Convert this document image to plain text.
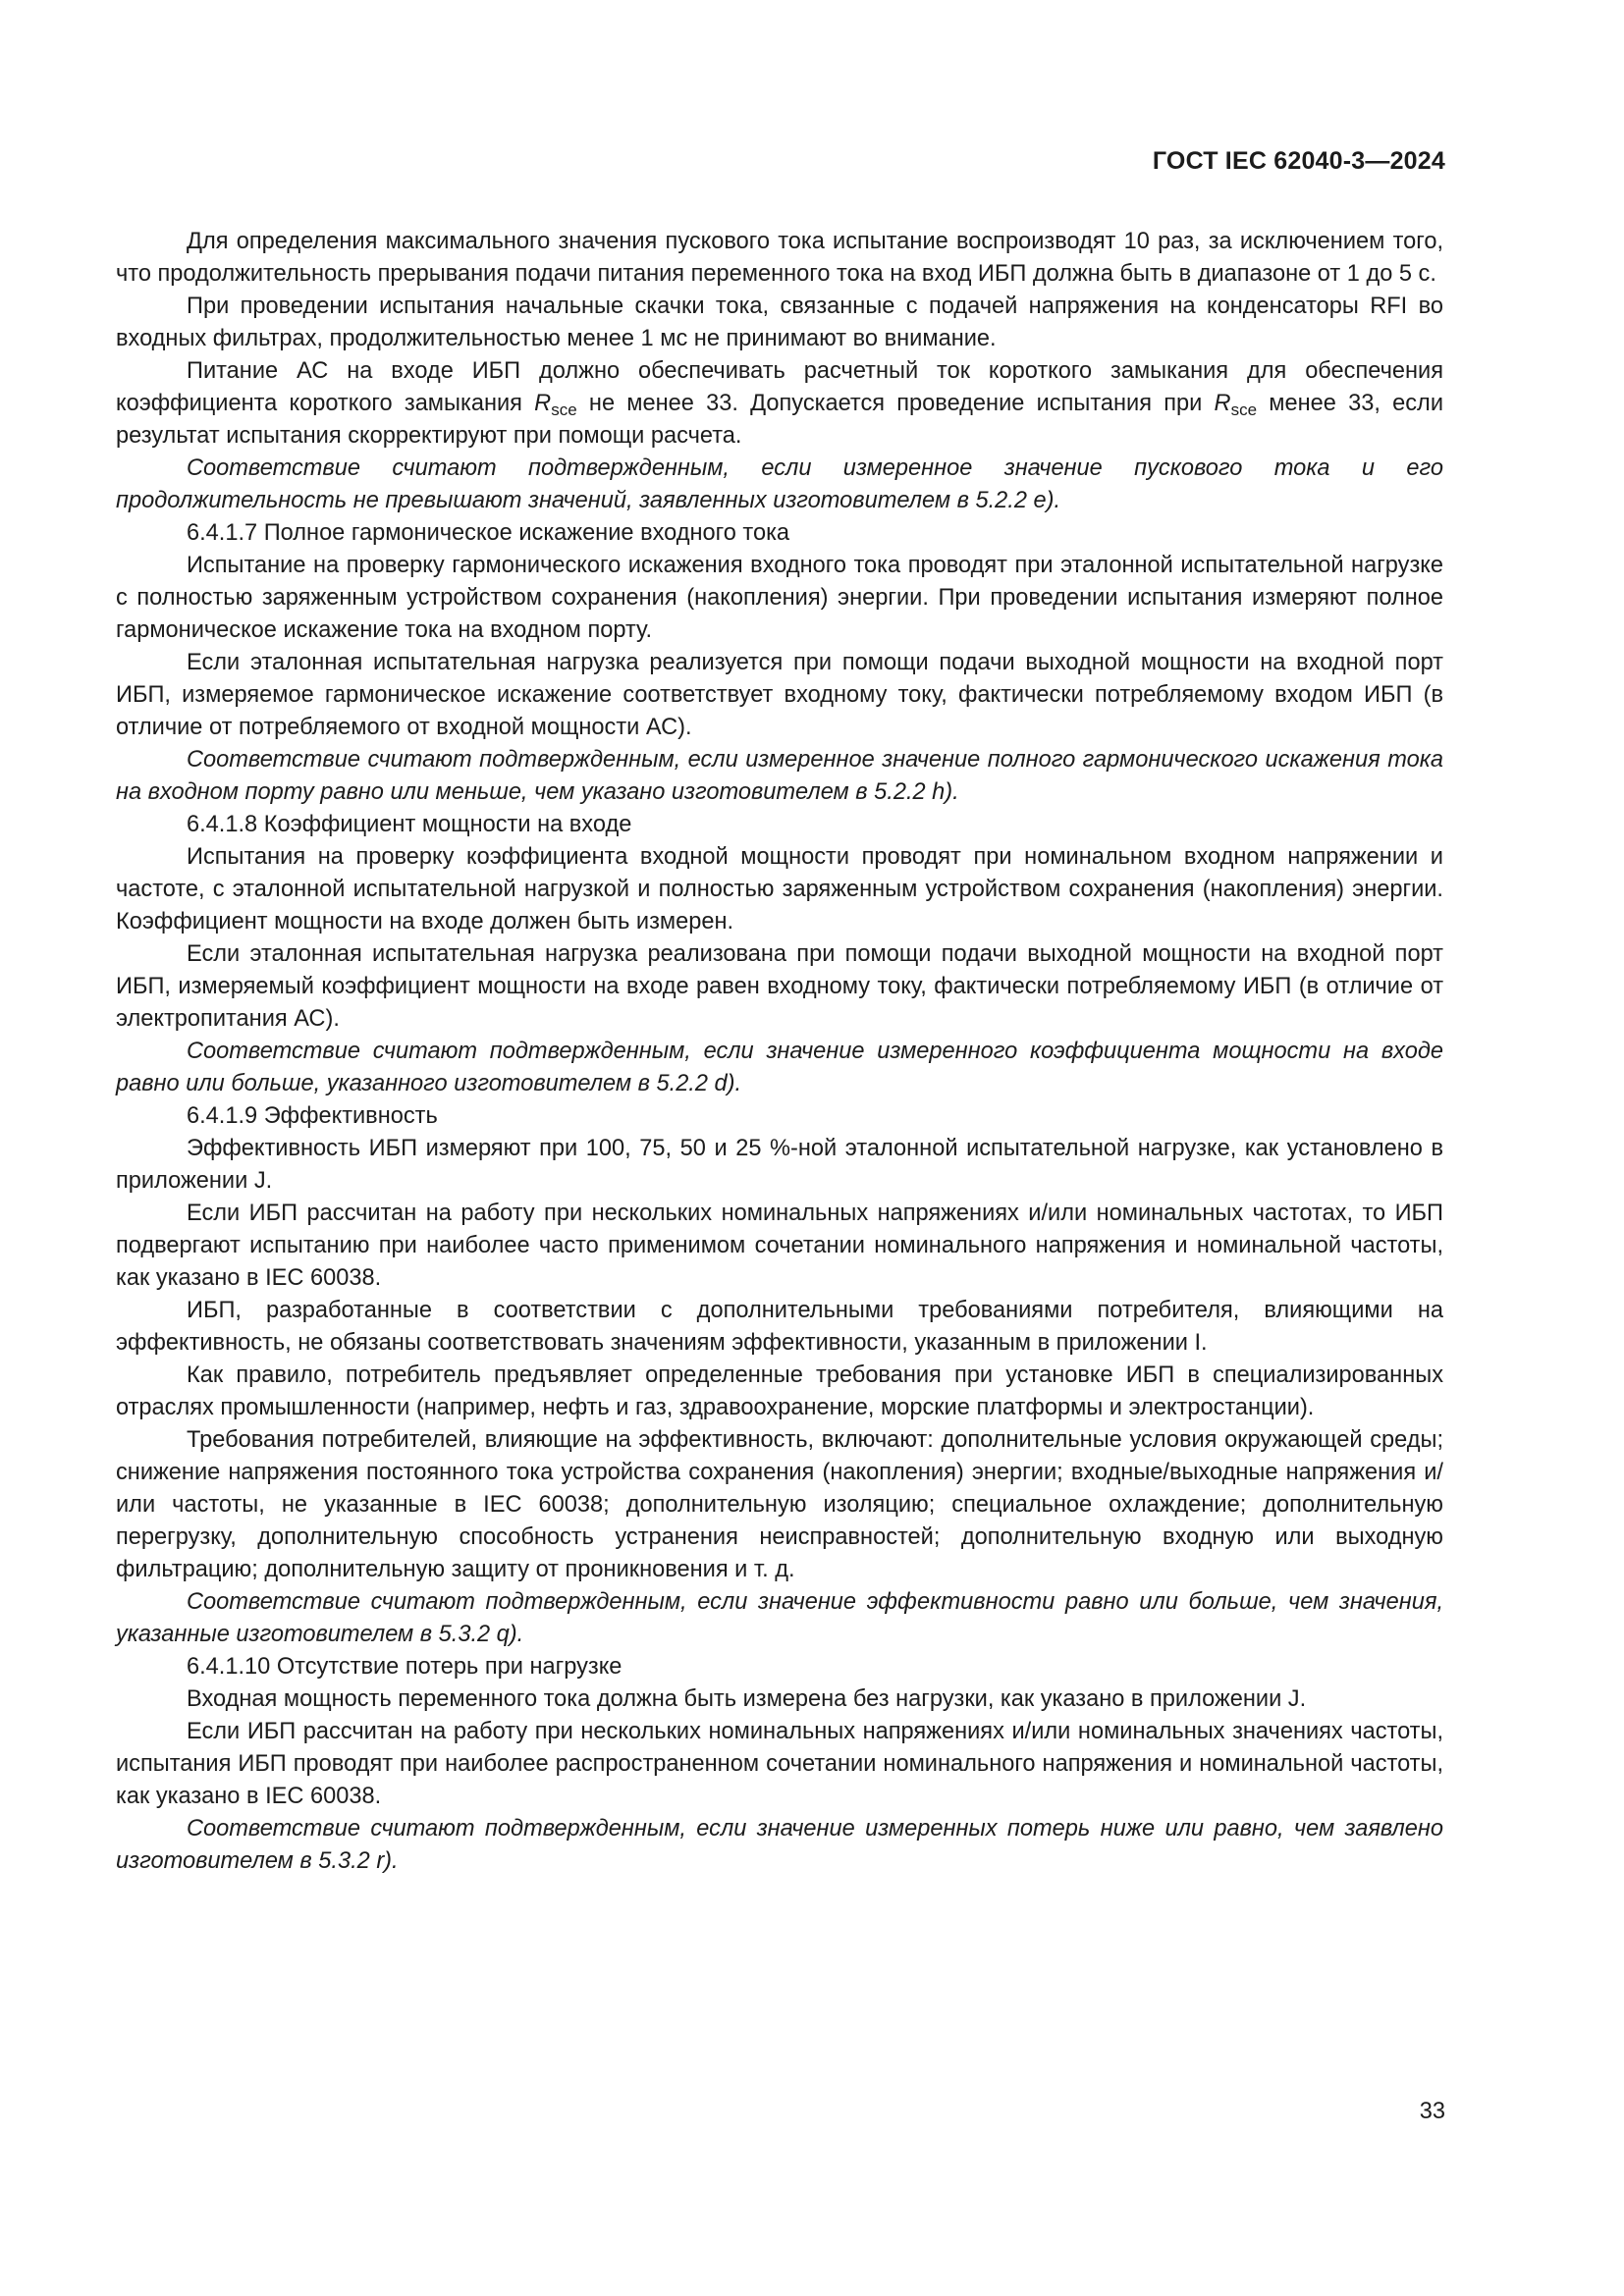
ГОСТ IEC 62040-3—2024

Для определения максимального значения пускового тока испытание воспроизводят 10 раз, за исключением того, что продолжительность прерывания подачи питания переменного тока на вход ИБП должна быть в диапазоне от 1 до 5 с.

При проведении испытания начальные скачки тока, связанные с подачей напряжения на конденсаторы RFI во входных фильтрах, продолжительностью менее 1 мс не принимают во внимание.

Питание АС на входе ИБП должно обеспечивать расчетный ток короткого замыкания для обеспечения коэффициента короткого замыкания $R_{sce}$ не менее 33. Допускается проведение испытания при $R_{sce}$ менее 33, если результат испытания скорректируют при помощи расчета.

Соответствие считают подтвержденным, если измеренное значение пускового тока и его продолжительность не превышают значений, заявленных изготовителем в 5.2.2 е).

6.4.1.7 Полное гармоническое искажение входного тока

Испытание на проверку гармонического искажения входного тока проводят при эталонной испытательной нагрузке с полностью заряженным устройством сохранения (накопления) энергии. При проведении испытания измеряют полное гармоническое искажение тока на входном порту.

Если эталонная испытательная нагрузка реализуется при помощи подачи выходной мощности на входной порт ИБП, измеряемое гармоническое искажение соответствует входному току, фактически потребляемому входом ИБП (в отличие от потребляемого от входной мощности АС).

Соответствие считают подтвержденным, если измеренное значение полного гармонического искажения тока на входном порту равно или меньше, чем указано изготовителем в 5.2.2 h).

6.4.1.8 Коэффициент мощности на входе

Испытания на проверку коэффициента входной мощности проводят при номинальном входном напряжении и частоте, с эталонной испытательной нагрузкой и полностью заряженным устройством сохранения (накопления) энергии. Коэффициент мощности на входе должен быть измерен.

Если эталонная испытательная нагрузка реализована при помощи подачи выходной мощности на входной порт ИБП, измеряемый коэффициент мощности на входе равен входному току, фактически потребляемому ИБП (в отличие от электропитания АС).

Соответствие считают подтвержденным, если значение измеренного коэффициента мощности на входе равно или больше, указанного изготовителем в 5.2.2 d).

6.4.1.9 Эффективность

Эффективность ИБП измеряют при 100, 75, 50 и 25 %-ной эталонной испытательной нагрузке, как установлено в приложении J.

Если ИБП рассчитан на работу при нескольких номинальных напряжениях и/или номинальных частотах, то ИБП подвергают испытанию при наиболее часто применимом сочетании номинального напряжения и номинальной частоты, как указано в IEC 60038.

ИБП, разработанные в соответствии с дополнительными требованиями потребителя, влияющими на эффективность, не обязаны соответствовать значениям эффективности, указанным в приложении I.

Как правило, потребитель предъявляет определенные требования при установке ИБП в специализированных отраслях промышленности (например, нефть и газ, здравоохранение, морские платформы и электростанции).

Требования потребителей, влияющие на эффективность, включают: дополнительные условия окружающей среды; снижение напряжения постоянного тока устройства сохранения (накопления) энергии; входные/выходные напряжения и/или частоты, не указанные в IEC 60038; дополнительную изоляцию; специальное охлаждение; дополнительную перегрузку, дополнительную способность устранения неисправностей; дополнительную входную или выходную фильтрацию; дополнительную защиту от проникновения и т. д.

Соответствие считают подтвержденным, если значение эффективности равно или больше, чем значения, указанные изготовителем в 5.3.2 q).

6.4.1.10 Отсутствие потерь при нагрузке

Входная мощность переменного тока должна быть измерена без нагрузки, как указано в приложении J.

Если ИБП рассчитан на работу при нескольких номинальных напряжениях и/или номинальных значениях частоты, испытания ИБП проводят при наиболее распространенном сочетании номинального напряжения и номинальной частоты, как указано в IEC 60038.

Соответствие считают подтвержденным, если значение измеренных потерь ниже или равно, чем заявлено изготовителем в 5.3.2 r).

33
